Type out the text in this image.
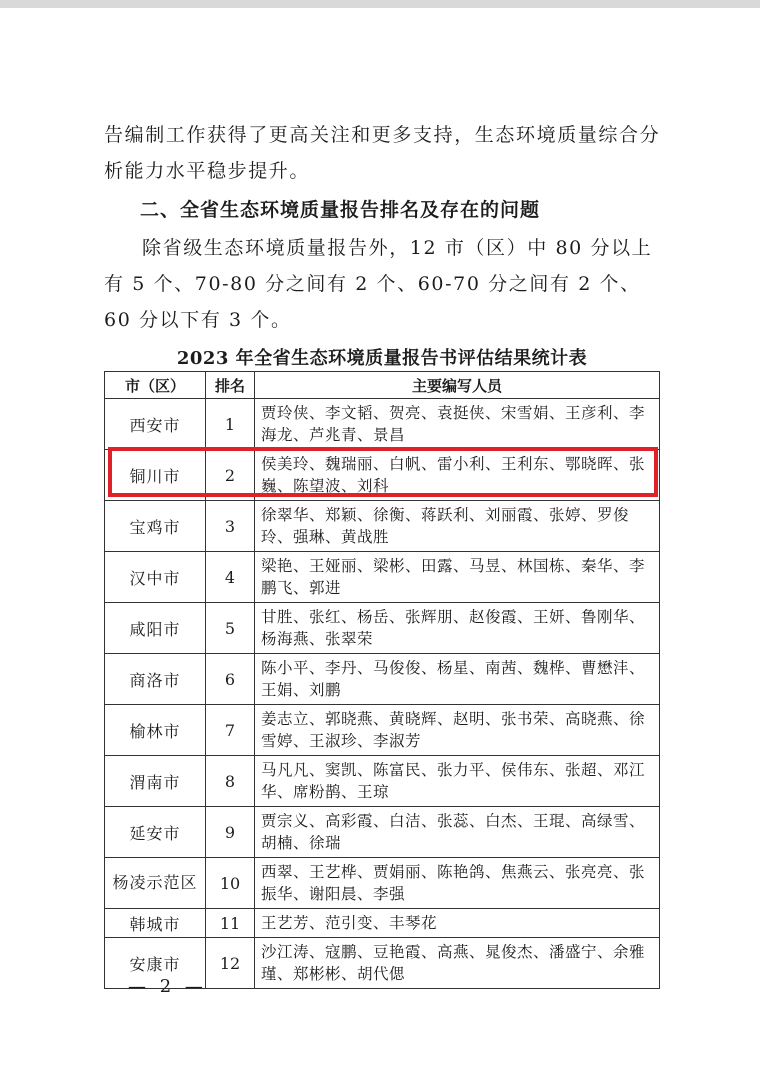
告编制工作获得了更高关注和更多支持，生态环境质量综合分析能力水平稳步提升。
二、全省生态环境质量报告排名及存在的问题
除省级生态环境质量报告外，12 市（区）中 80 分以上有 5 个、70-80 分之间有 2 个、60-70 分之间有 2 个、60 分以下有 3 个。
2023 年全省生态环境质量报告书评估结果统计表
市（区）	排名	主要编写人员
西安市	1	贾玲侠、李文韬、贺亮、袁挺侠、宋雪娟、王彦利、李海龙、芦兆青、景昌
铜川市	2	侯美玲、魏瑞丽、白帆、雷小利、王利东、鄂晓晖、张巍、陈望波、刘科
宝鸡市	3	徐翠华、郑颖、徐衡、蒋跃利、刘丽霞、张婷、罗俊玲、强琳、黄战胜
汉中市	4	梁艳、王娅丽、梁彬、田露、马昱、林国栋、秦华、李鹏飞、郭进
咸阳市	5	甘胜、张红、杨岳、张辉朋、赵俊霞、王妍、鲁刚华、杨海燕、张翠荣
商洛市	6	陈小平、李丹、马俊俊、杨星、南茜、魏桦、曹懋沣、王娟、刘鹏
榆林市	7	姜志立、郭晓燕、黄晓辉、赵明、张书荣、高晓燕、徐雪婷、王淑珍、李淑芳
渭南市	8	马凡凡、窦凯、陈富民、张力平、侯伟东、张超、邓江华、席粉鹊、王琼
延安市	9	贾宗义、高彩霞、白洁、张蕊、白杰、王琨、高绿雪、胡楠、徐瑞
杨凌示范区	10	西翠、王艺桦、贾娟丽、陈艳鸽、焦燕云、张亮亮、张振华、谢阳晨、李强
韩城市	11	王艺芳、范引变、丰琴花
安康市	12	沙江涛、寇鹏、豆艳霞、高燕、晁俊杰、潘盛宁、余雅瑾、郑彬彬、胡代偲
— 2 —
